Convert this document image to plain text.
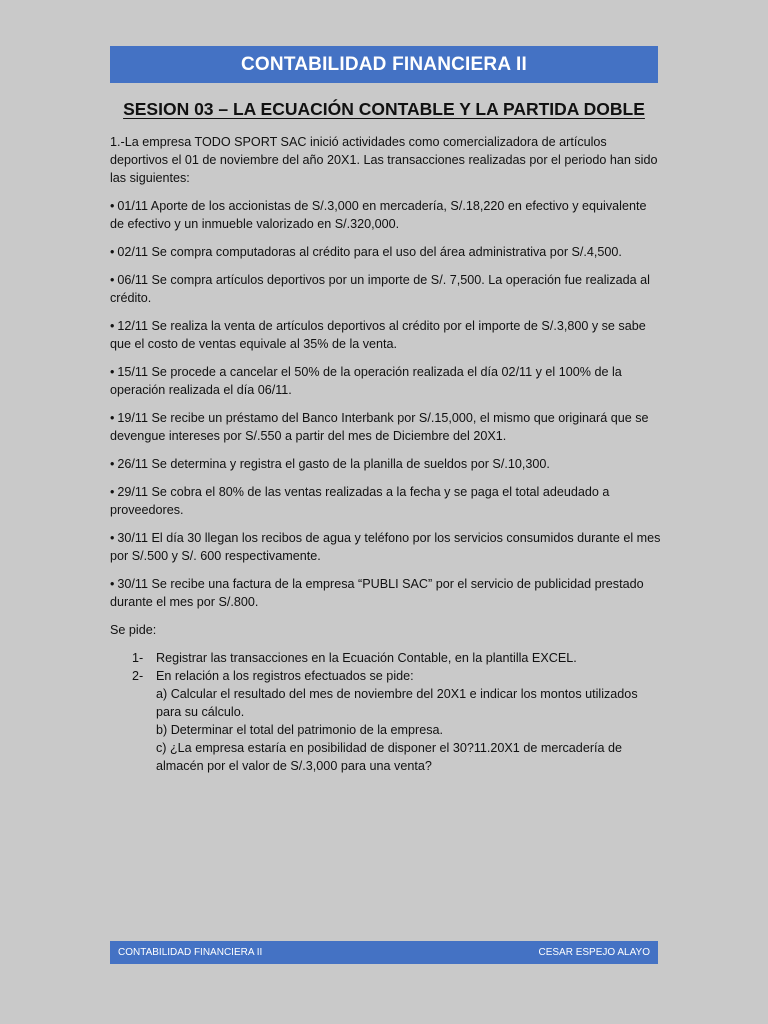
CONTABILIDAD FINANCIERA II
SESION 03 – LA ECUACIÓN CONTABLE Y LA PARTIDA DOBLE

1.-La empresa TODO SPORT SAC inició actividades como comercializadora de artículos deportivos el 01 de noviembre del año 20X1. Las transacciones realizadas por el periodo han sido las siguientes:

• 01/11 Aporte de los accionistas de S/.3,000 en mercadería, S/.18,220 en efectivo y equivalente de efectivo y un inmueble valorizado en S/.320,000.

• 02/11 Se compra computadoras al crédito para el uso del área administrativa por S/.4,500.

• 06/11 Se compra artículos deportivos por un importe de S/. 7,500. La operación fue realizada al crédito.

• 12/11 Se realiza la venta de artículos deportivos al crédito por el importe de S/.3,800 y se sabe que el costo de ventas equivale al 35% de la venta.

• 15/11 Se procede a cancelar el 50% de la operación realizada el día 02/11 y el 100% de la operación realizada el día 06/11.

• 19/11 Se recibe un préstamo del Banco Interbank por S/.15,000, el mismo que originará que se devengue intereses por S/.550 a partir del mes de Diciembre del 20X1.

• 26/11 Se determina y registra el gasto de la planilla de sueldos por S/.10,300.

• 29/11 Se cobra el 80% de las ventas realizadas a la fecha y se paga el total adeudado a proveedores.

• 30/11 El día 30 llegan los recibos de agua y teléfono por los servicios consumidos durante el mes por S/.500 y S/. 600 respectivamente.

• 30/11 Se recibe una factura de la empresa “PUBLI SAC” por el servicio de publicidad prestado durante el mes por S/.800.

Se pide:

1-	Registrar las transacciones en la Ecuación Contable, en la plantilla EXCEL.
2-	En relación a los registros efectuados se pide:
a) Calcular el resultado del mes de noviembre del 20X1 e indicar los montos utilizados para su cálculo.
b) Determinar el total del patrimonio de la empresa.
c) ¿La empresa estaría en posibilidad de disponer el 30?11.20X1 de mercadería de almacén por el valor de S/.3,000 para una venta?
CONTABILIDAD FINANCIERA II	CESAR ESPEJO ALAYO
